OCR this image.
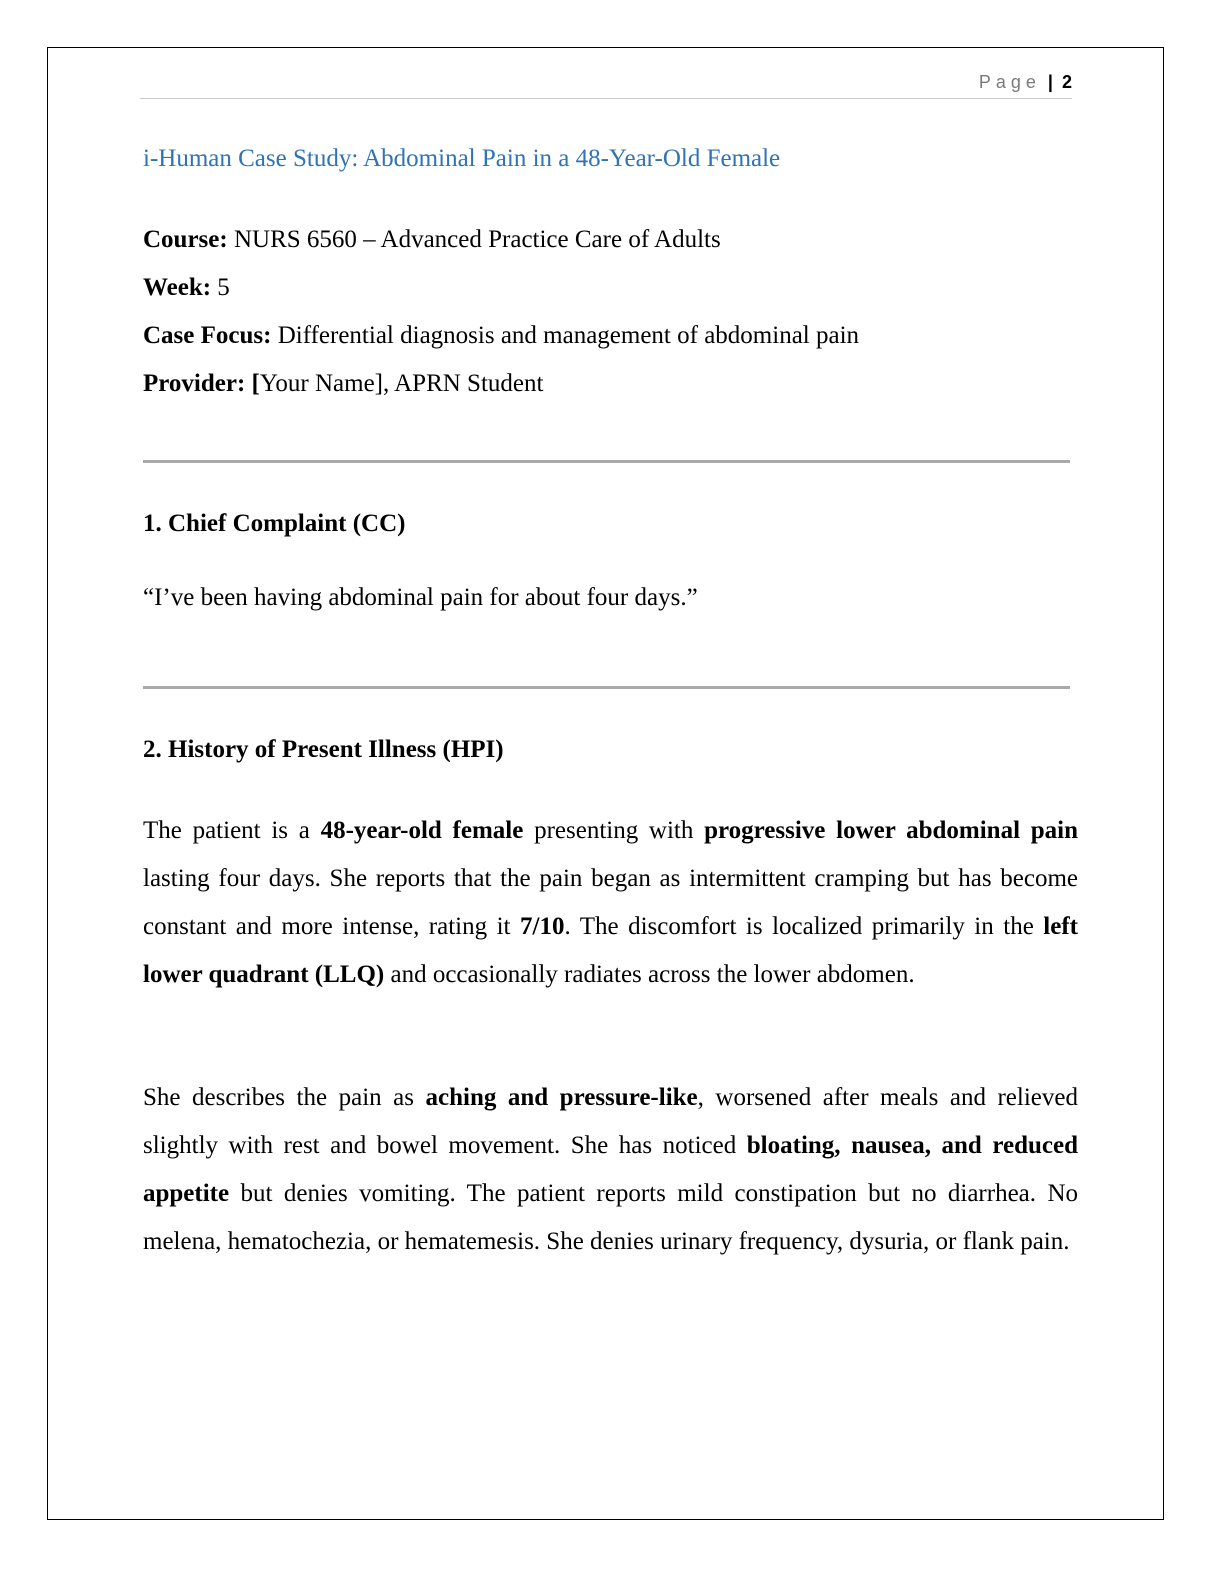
Page | 2
i-Human Case Study: Abdominal Pain in a 48-Year-Old Female
Course: NURS 6560 – Advanced Practice Care of Adults
Week: 5
Case Focus: Differential diagnosis and management of abdominal pain
Provider: [Your Name], APRN Student
1. Chief Complaint (CC)
“I’ve been having abdominal pain for about four days.”
2. History of Present Illness (HPI)
The patient is a 48-year-old female presenting with progressive lower abdominal pain lasting four days. She reports that the pain began as intermittent cramping but has become constant and more intense, rating it 7/10. The discomfort is localized primarily in the left lower quadrant (LLQ) and occasionally radiates across the lower abdomen.
She describes the pain as aching and pressure-like, worsened after meals and relieved slightly with rest and bowel movement. She has noticed bloating, nausea, and reduced appetite but denies vomiting. The patient reports mild constipation but no diarrhea. No melena, hematochezia, or hematemesis. She denies urinary frequency, dysuria, or flank pain.
